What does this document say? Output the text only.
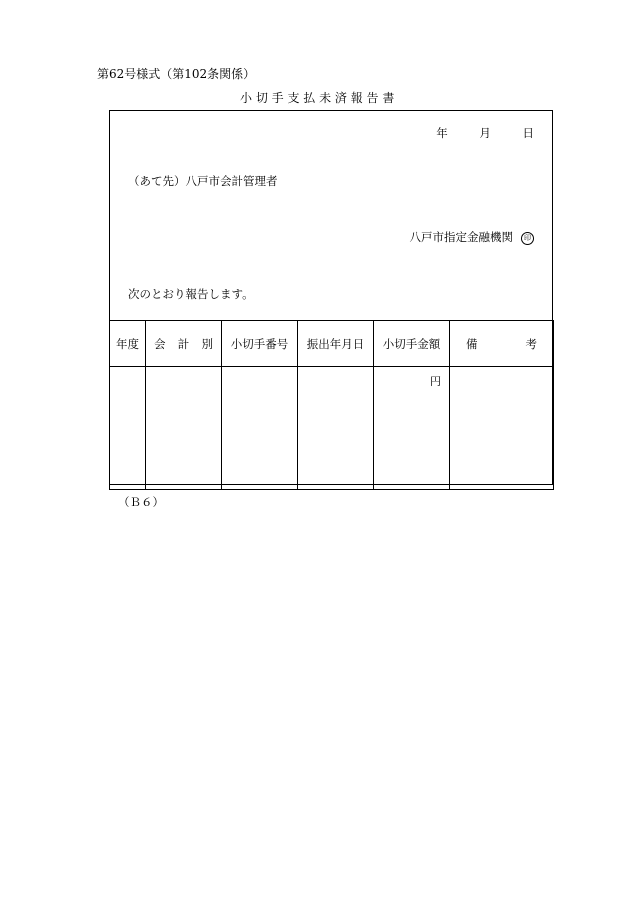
第62号様式（第102条関係）
小 切 手 支 払 未 済 報 告 書
年	月	日
（あて先）八戸市会計管理者
八戸市指定金融機関 印
次のとおり報告します。
年度	会 計 別	小切手番号	振出年月日	小切手金額	備 考

				円	
（Ｂ６）
